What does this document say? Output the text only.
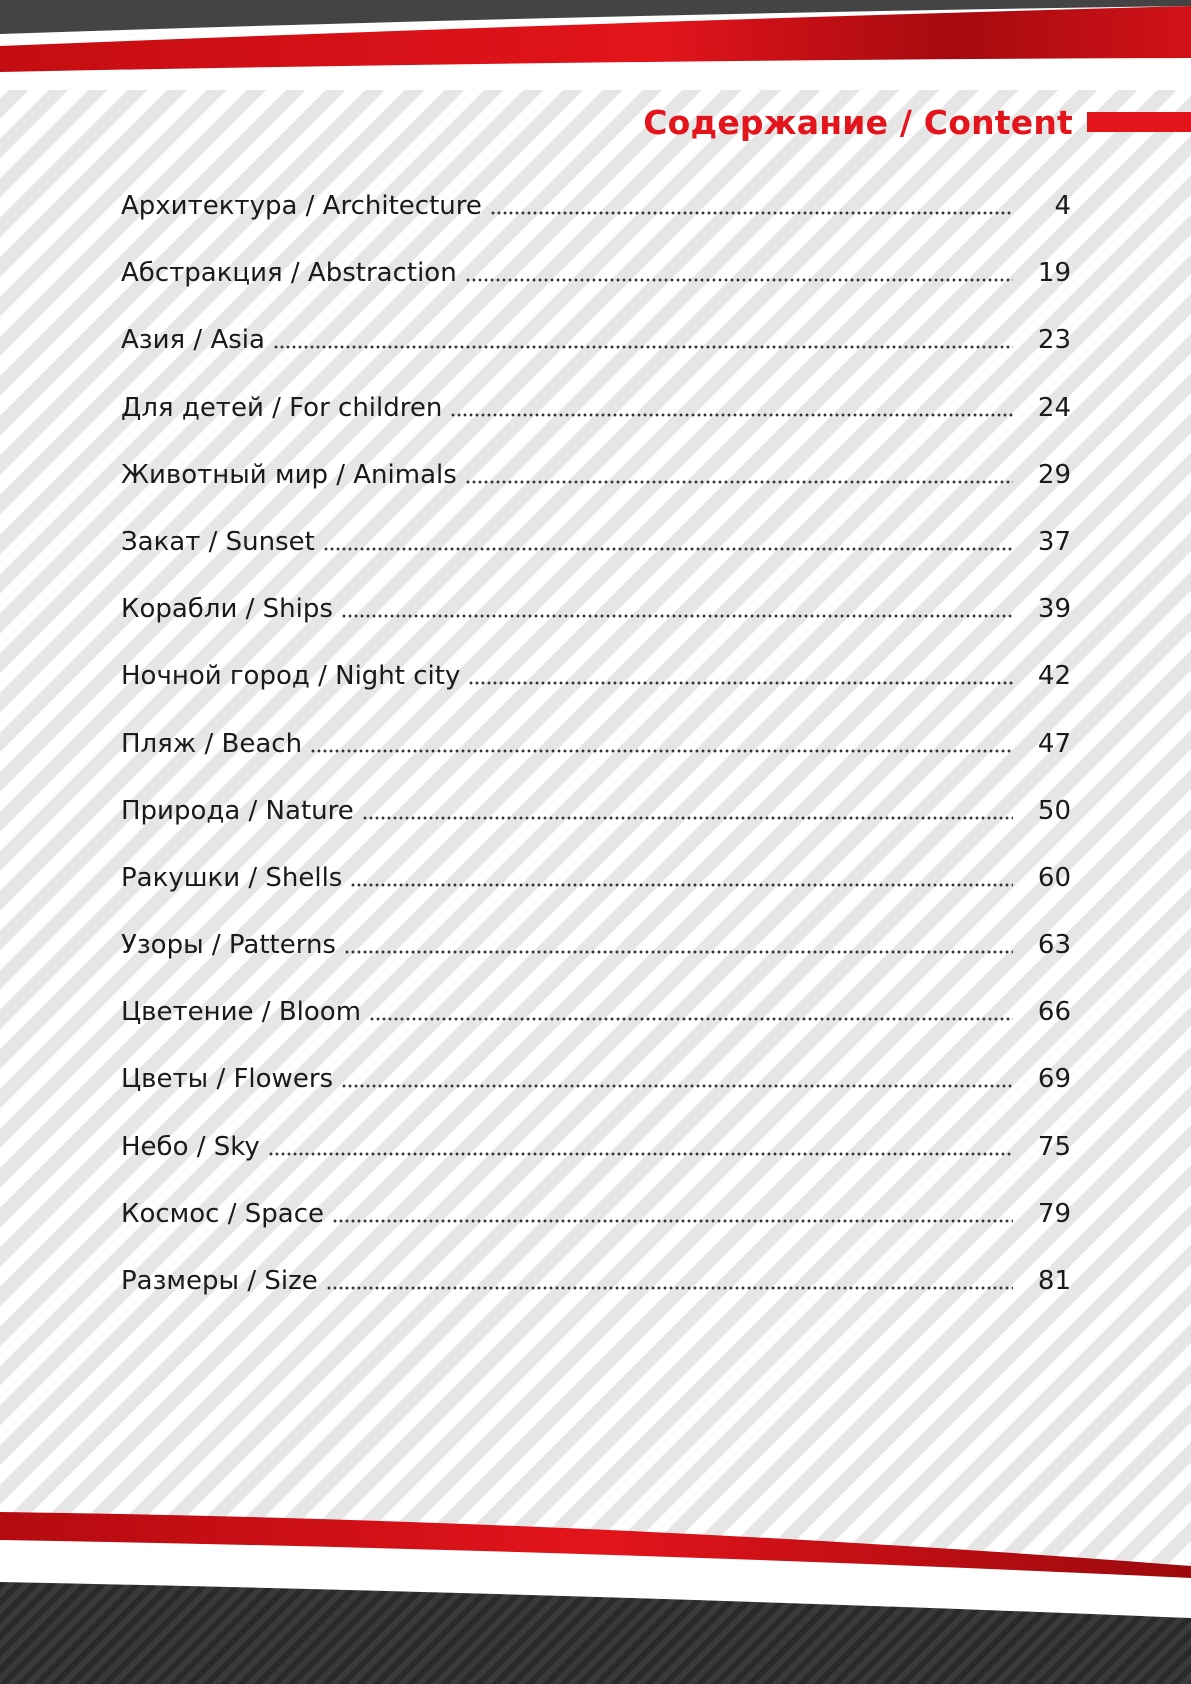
Содержание / Content
Архитектура / Architecture	4
Абстракция / Abstraction	19
Азия / Asia	23
Для детей / For children	24
Животный мир / Animals	29
Закат / Sunset	37
Корабли / Ships	39
Ночной город / Night city	42
Пляж / Beach	47
Природа / Nature	50
Ракушки / Shells	60
Узоры / Patterns	63
Цветение / Bloom	66
Цветы / Flowers	69
Небо / Sky	75
Космос / Space	79
Размеры / Size	81
